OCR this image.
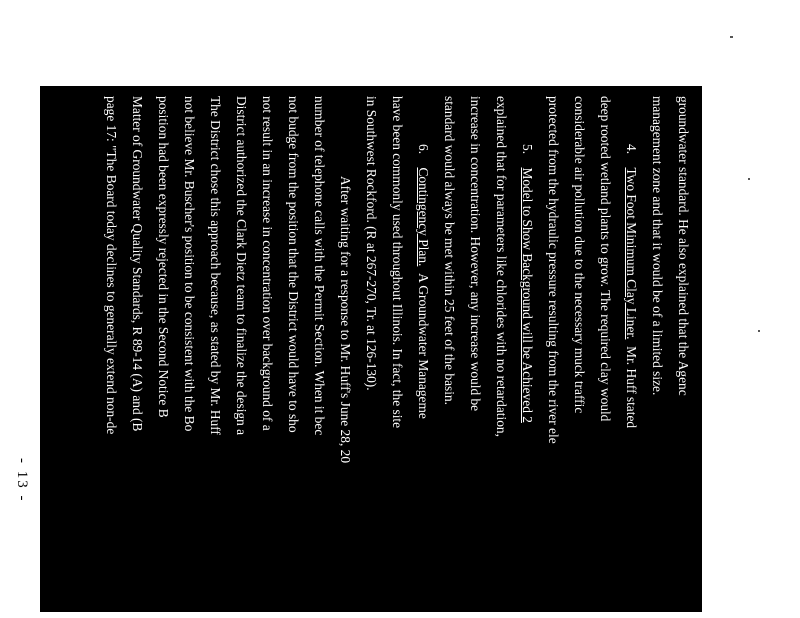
groundwater standard. He also explained that the Agenc
management zone and that it would be of a limited size.
4.    Two Foot Minimum Clay Liner.  Mr. Huff stated
deep rooted wetland plants to grow. The required clay would
considerable air pollution due to the necessary muck traffic
protected from the hydraulic pressure resulting from the river ele
5.    Model to Show Background will be Achieved 2
explained that for parameters like chlorides with no retardation,
increase in concentration. However, any increase would be
standard would always be met within 25 feet of the basin.
6.    Contingency Plan.  A Groundwater Manageme
have been commonly used throughout Illinois. In fact, the site
in Southwest Rockford. (R at 267-270, Tr. at 126-130).
After waiting for a response to Mr. Huff's June 28, 20
number of telephone calls with the Permit Section. When it bec
not budge from the position that the District would have to sho
not result in an increase in concentration over background of a
District authorized the Clark Dietz team to finalize the design a
The District chose this approach because, as stated by Mr. Huff
not believe Mr. Buscher's position to be consistent with the Bo
position had been expressly rejected in the Second Notice B
Matter of Groundwater Quality Standards, R 89-14 (A) and (B
page 17: "The Board today declines to generally extend non-de
- 13 -
